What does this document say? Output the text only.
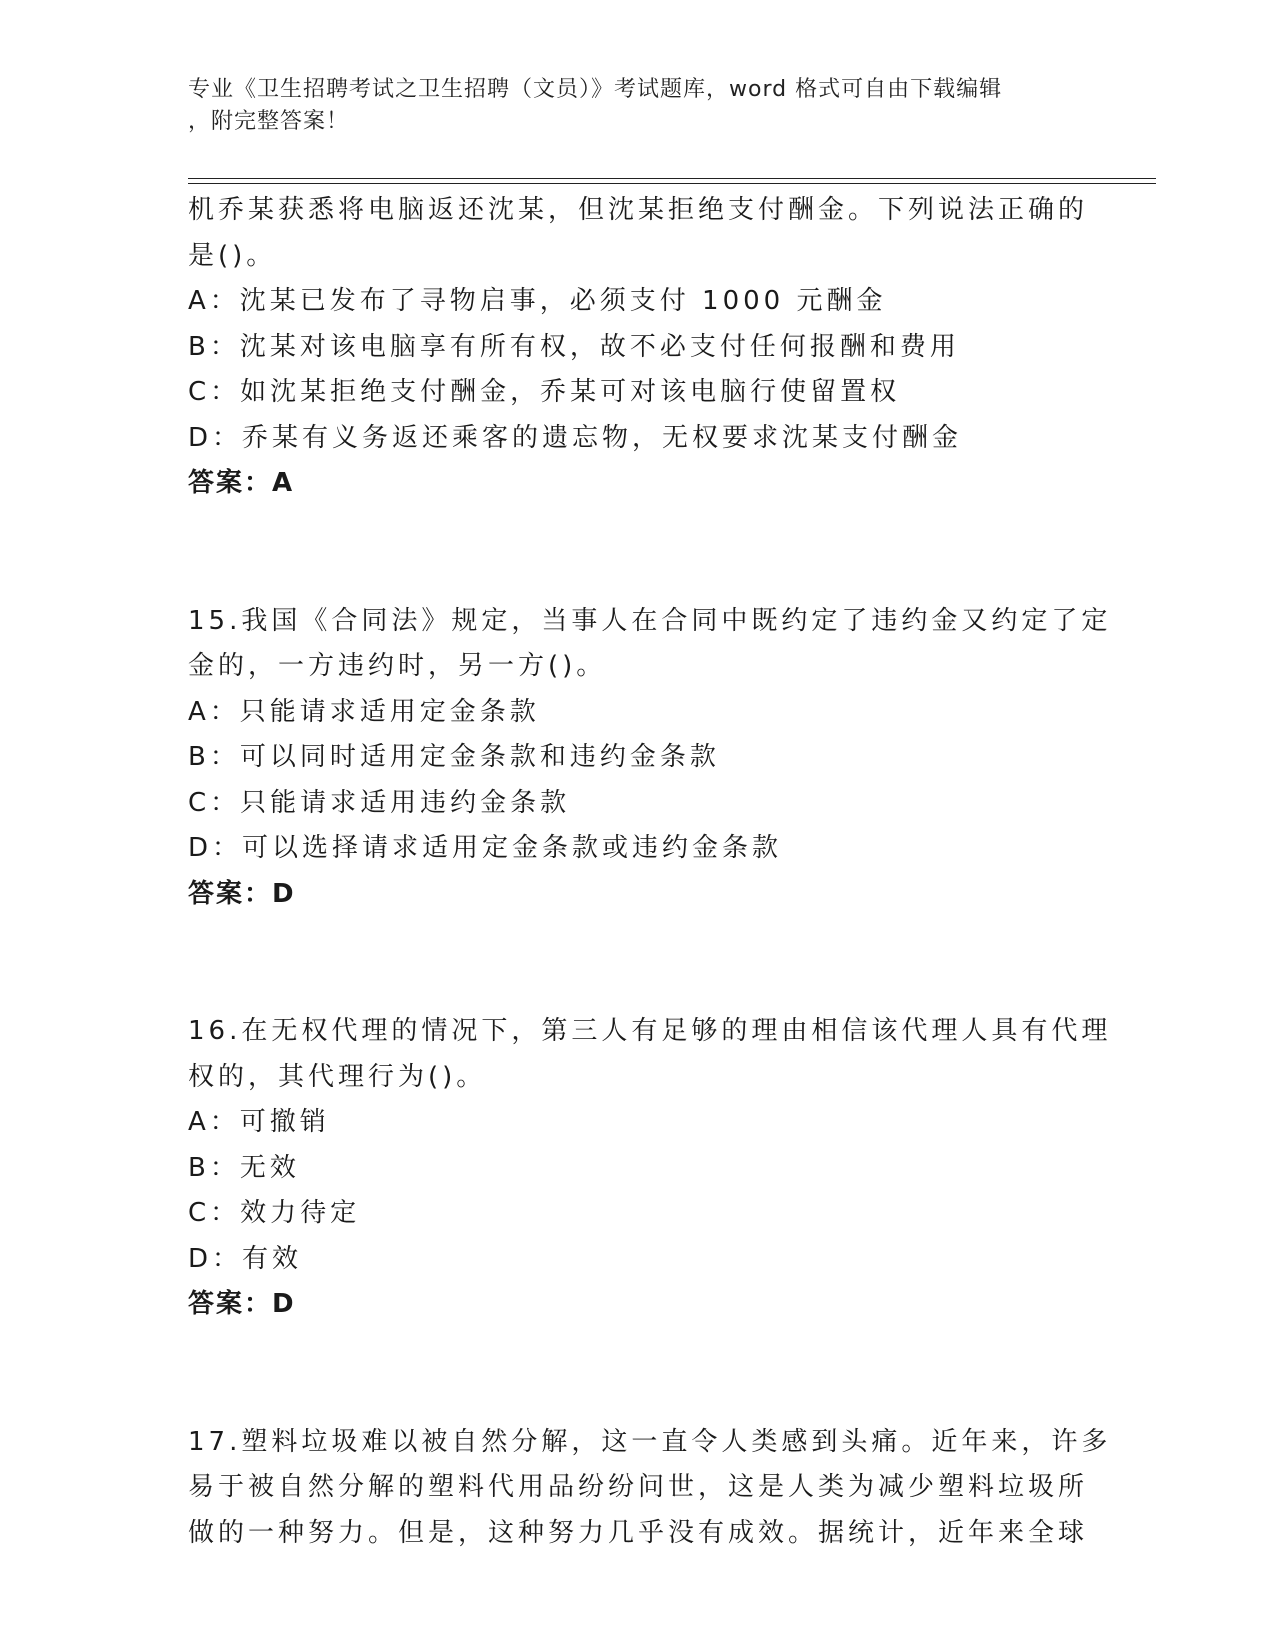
专业《卫生招聘考试之卫生招聘（文员）》考试题库，word 格式可自由下载编辑
，附完整答案！
机乔某获悉将电脑返还沈某，但沈某拒绝支付酬金。下列说法正确的
是()。
A：沈某已发布了寻物启事，必须支付 1000 元酬金
B：沈某对该电脑享有所有权，故不必支付任何报酬和费用
C：如沈某拒绝支付酬金，乔某可对该电脑行使留置权
D：乔某有义务返还乘客的遗忘物，无权要求沈某支付酬金
答案：A
15.我国《合同法》规定，当事人在合同中既约定了违约金又约定了定
金的，一方违约时，另一方()。
A：只能请求适用定金条款
B：可以同时适用定金条款和违约金条款
C：只能请求适用违约金条款
D：可以选择请求适用定金条款或违约金条款
答案：D
16.在无权代理的情况下，第三人有足够的理由相信该代理人具有代理
权的，其代理行为()。
A：可撤销
B：无效
C：效力待定
D：有效
答案：D
17.塑料垃圾难以被自然分解，这一直令人类感到头痛。近年来，许多
易于被自然分解的塑料代用品纷纷问世，这是人类为减少塑料垃圾所
做的一种努力。但是，这种努力几乎没有成效。据统计，近年来全球
